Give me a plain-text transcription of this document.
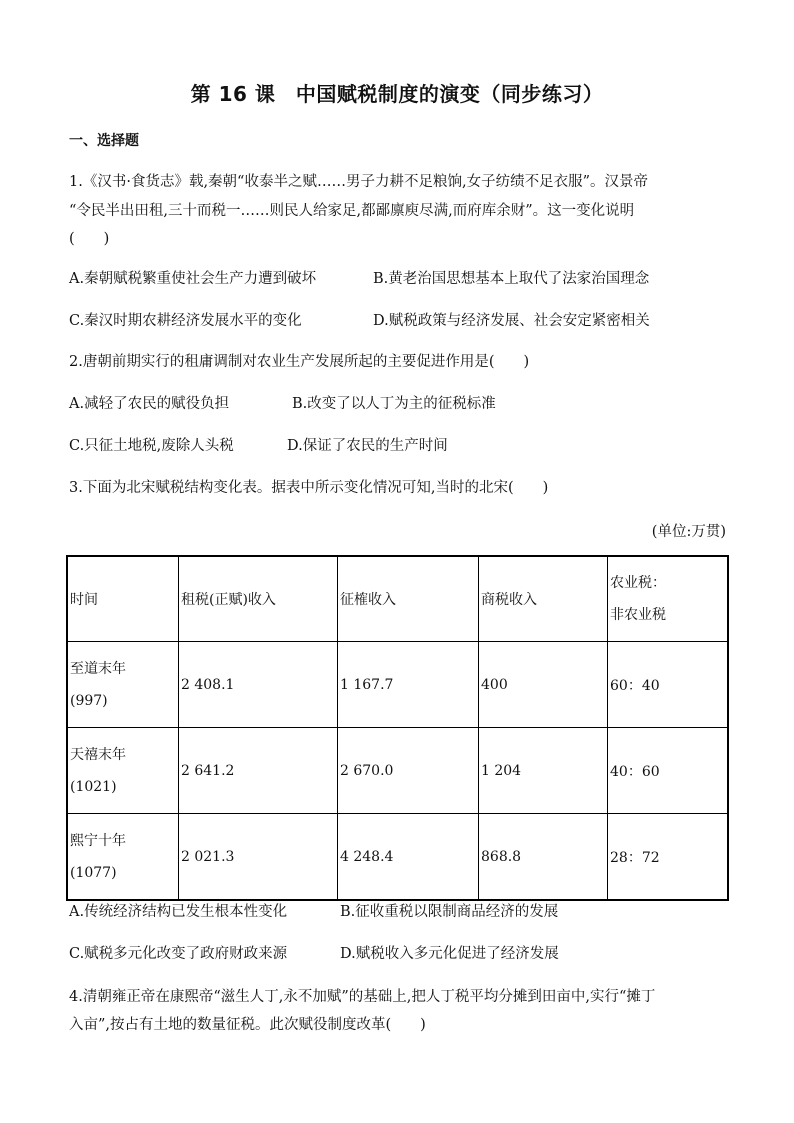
第 16 课　中国赋税制度的演变（同步练习）
一、选择题
1.《汉书·食货志》载,秦朝“收泰半之赋……男子力耕不足粮饷,女子纺绩不足衣服”。汉景帝
“令民半出田租,三十而税一……则民人给家足,都鄙廪庾尽满,而府库余财”。这一变化说明
(　　)
A.秦朝赋税繁重使社会生产力遭到破坏	B.黄老治国思想基本上取代了法家治国理念
C.秦汉时期农耕经济发展水平的变化	D.赋税政策与经济发展、社会安定紧密相关
2.唐朝前期实行的租庸调制对农业生产发展所起的主要促进作用是(　　)
A.减轻了农民的赋役负担	B.改变了以人丁为主的征税标准
C.只征土地税,废除人头税	D.保证了农民的生产时间
3.下面为北宋赋税结构变化表。据表中所示变化情况可知,当时的北宋(　　)
(单位:万贯)
时间	租税(正赋)收入	征榷收入	商税收入	农业税：
非农业税

至道末年
(997)	2 408.1	1 167.7	400	60：40

天禧末年
(1021)	2 641.2	2 670.0	1 204	40：60

熙宁十年
(1077)	2 021.3	4 248.4	868.8	28：72
A.传统经济结构已发生根本性变化	B.征收重税以限制商品经济的发展
C.赋税多元化改变了政府财政来源	D.赋税收入多元化促进了经济发展
4.清朝雍正帝在康熙帝“滋生人丁,永不加赋”的基础上,把人丁税平均分摊到田亩中,实行“摊丁
入亩”,按占有土地的数量征税。此次赋役制度改革(　　)
